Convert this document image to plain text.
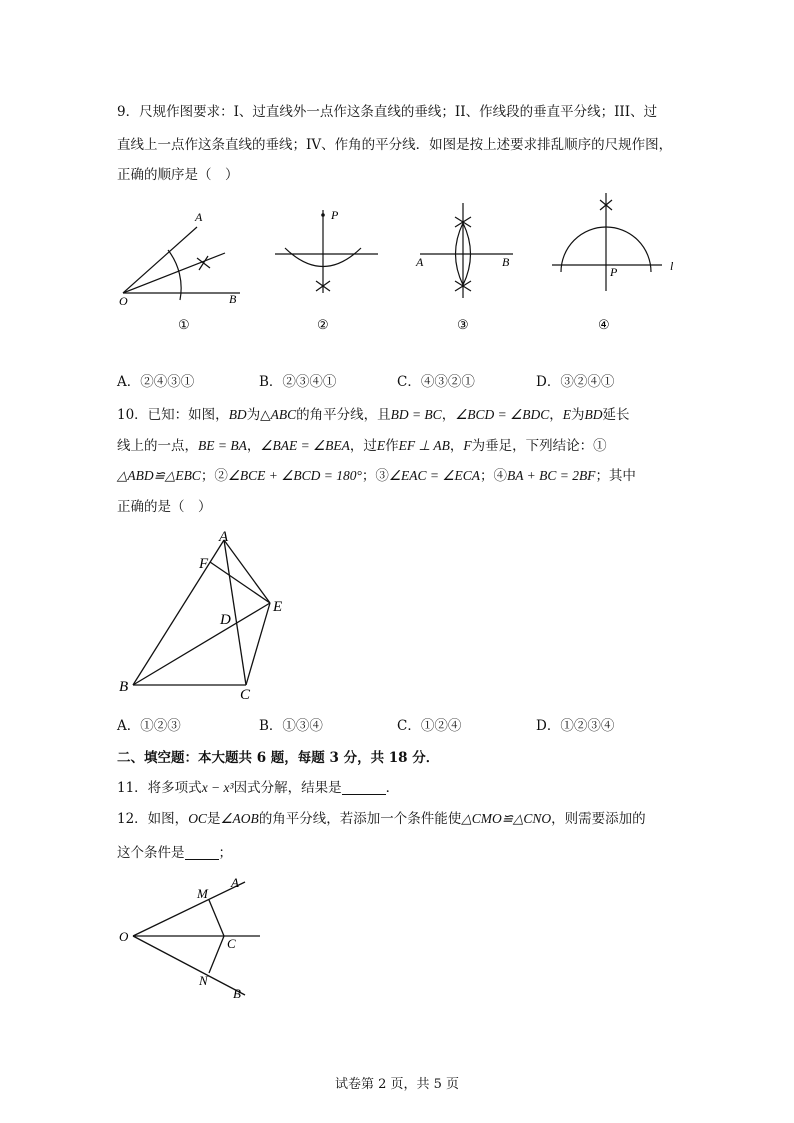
9．尺规作图要求：I、过直线外一点作这条直线的垂线；II、作线段的垂直平分线；III、过
直线上一点作这条直线的垂线；IV、作角的平分线．如图是按上述要求排乱顺序的尺规作图，
正确的顺序是（　）
A
O	B
P
A	B
P	l
①	②	③	④
A．②④③①	B．②③④①	C．④③②①	D．③②④①
10．已知：如图，BD为△ABC的角平分线，且BD = BC，∠BCD = ∠BDC，E为BD延长
线上的一点，BE = BA，∠BAE = ∠BEA，过E作EF ⊥ AB，F为垂足，下列结论：①
△ABD≌△EBC；②∠BCE + ∠BCD = 180°；③∠EAC = ∠ECA；④BA + BC = 2BF；其中
正确的是（　）
A
F
E
D
B	C
A．①②③	B．①③④	C．①②④	D．①②③④
二、填空题：本大题共 6 题，每题 3 分，共 18 分．
11．将多项式x − x³因式分解，结果是	．
12．如图，OC是∠AOB的角平分线，若添加一个条件能使△CMO≌△CNO，则需要添加的
这个条件是	；
M
A
O	C
N
B
试卷第 2 页，共 5 页
